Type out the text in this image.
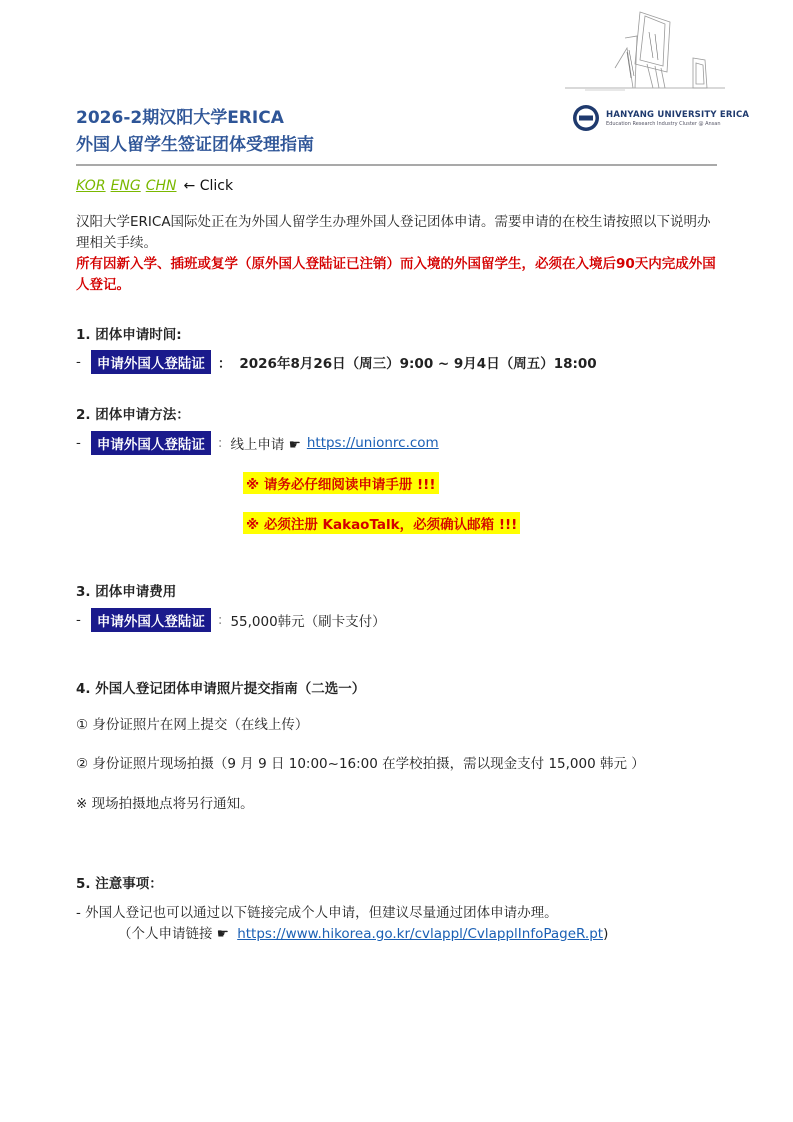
HANYANG UNIVERSITY ERICA
Education Research Industry Cluster @ Ansan
2026-2期汉阳大学ERICA
外国人留学生签证团体受理指南
KOR ENG CHN ← Click
汉阳大学ERICA国际处正在为外国人留学生办理外国人登记团体申请。需要申请的在校生请按照以下说明办理相关手续。
所有因新入学、插班或复学（原外国人登陆证已注销）而入境的外国留学生，必须在入境后90天内完成外国人登记。
1. 团体申请时间:
-	申请外国人登陆证 ： 2026年8月26日（周三）9:00 ~ 9月4日（周五）18:00
2. 团体申请方法：
-	申请外国人登陆证 : 线上申请 ☛ https://unionrc.com
※ 请务必仔细阅读申请手册 !!!
※ 必须注册 KakaoTalk，必须确认邮箱 !!!
3. 团体申请费用
-	申请外国人登陆证 : 55,000韩元（刷卡支付）
4. 外国人登记团体申请照片提交指南（二选一）
① 身份证照片在网上提交（在线上传）
② 身份证照片现场拍摄（9 月 9 日 10:00~16:00 在学校拍摄，需以现金支付 15,000 韩元 ）
※ 现场拍摄地点将另行通知。
5. 注意事项：
- 外国人登记也可以通过以下链接完成个人申请，但建议尽量通过团体申请办理。
（个人申请链接 ☛ https://www.hikorea.go.kr/cvlappl/CvlapplInfoPageR.pt)
